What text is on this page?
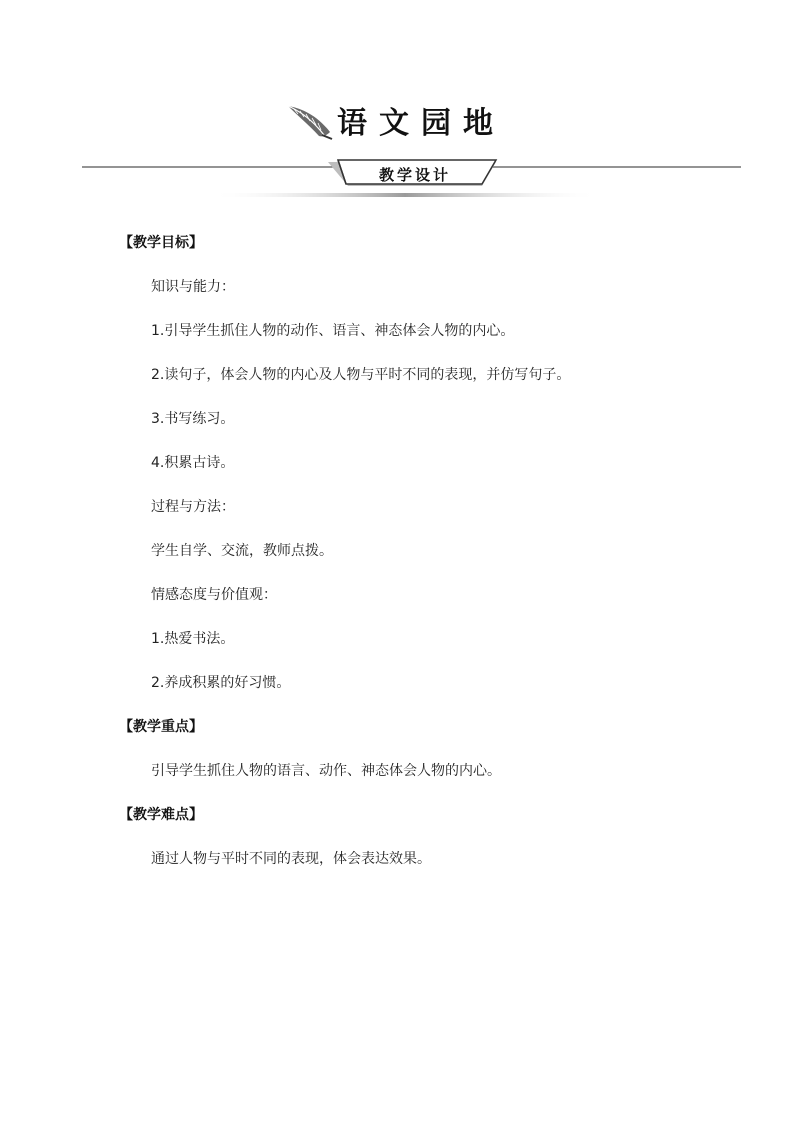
语文园地
教学设计
【教学目标】
知识与能力：
1.引导学生抓住人物的动作、语言、神态体会人物的内心。
2.读句子，体会人物的内心及人物与平时不同的表现，并仿写句子。
3.书写练习。
4.积累古诗。
过程与方法：
学生自学、交流，教师点拨。
情感态度与价值观：
1.热爱书法。
2.养成积累的好习惯。
【教学重点】
引导学生抓住人物的语言、动作、神态体会人物的内心。
【教学难点】
通过人物与平时不同的表现，体会表达效果。
